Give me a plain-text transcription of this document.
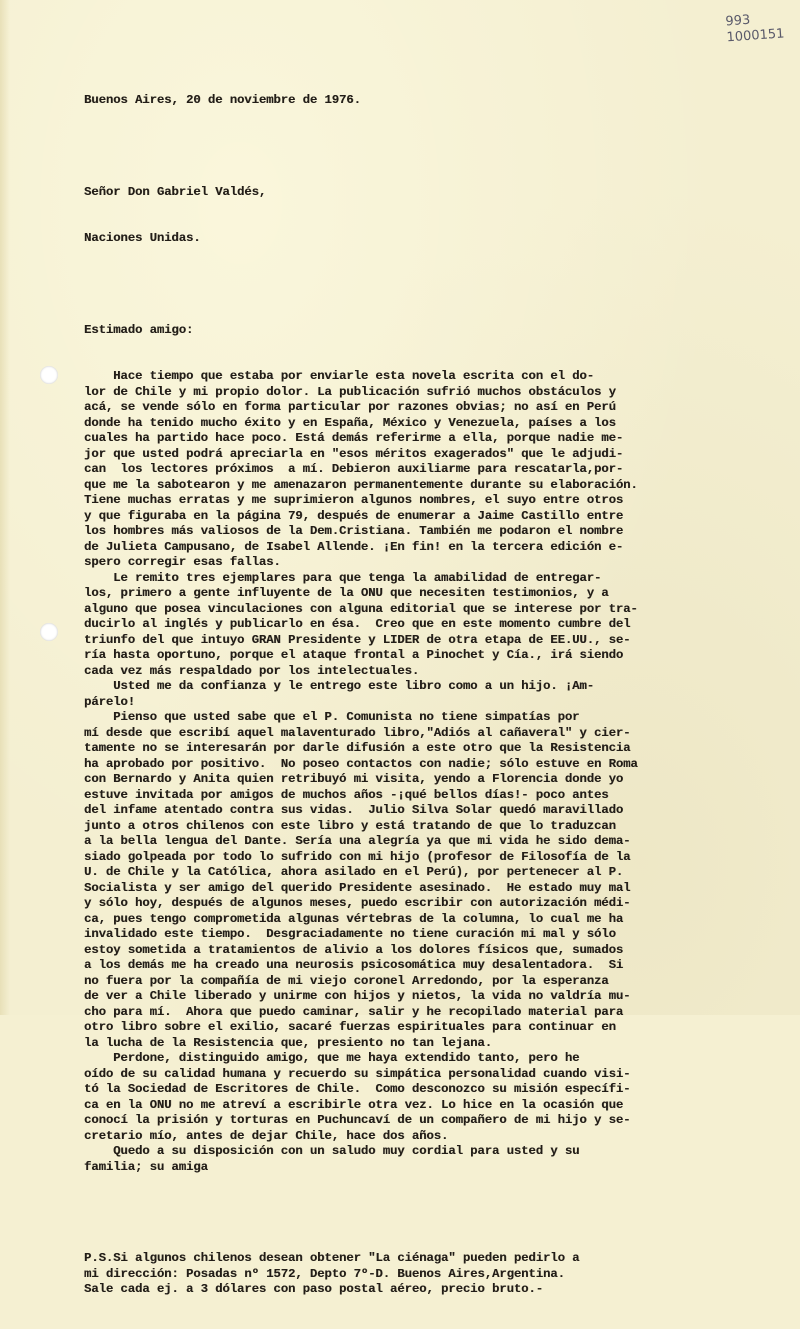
993
1000151

Buenos Aires, 20 de noviembre de 1976.

Señor Don Gabriel Valdés,

Naciones Unidas.

Estimado amigo:

Hace tiempo que estaba por enviarle esta novela escrita con el do-
lor de Chile y mi propio dolor. La publicación sufrió muchos obstáculos y
acá, se vende sólo en forma particular por razones obvias; no así en Perú
donde ha tenido mucho éxito y en España, México y Venezuela, países a los
cuales ha partido hace poco. Está demás referirme a ella, porque nadie me-
jor que usted podrá apreciarla en "esos méritos exagerados" que le adjudi-
can  los lectores próximos  a mí. Debieron auxiliarme para rescatarla,por-
que me la sabotearon y me amenazaron permanentemente durante su elaboración.
Tiene muchas erratas y me suprimieron algunos nombres, el suyo entre otros
y que figuraba en la página 79, después de enumerar a Jaime Castillo entre
los hombres más valiosos de la Dem.Cristiana. También me podaron el nombre
de Julieta Campusano, de Isabel Allende. ¡En fin! en la tercera edición e-
spero corregir esas fallas.
Le remito tres ejemplares para que tenga la amabilidad de entregar-
los, primero a gente influyente de la ONU que necesiten testimonios, y a
alguno que posea vinculaciones con alguna editorial que se interese por tra-
ducirlo al inglés y publicarlo en ésa.  Creo que en este momento cumbre del
triunfo del que intuyo GRAN Presidente y LIDER de otra etapa de EE.UU., se-
ría hasta oportuno, porque el ataque frontal a Pinochet y Cía., irá siendo
cada vez más respaldado por los intelectuales.
Usted me da confianza y le entrego este libro como a un hijo. ¡Am-
párelo!
Pienso que usted sabe que el P. Comunista no tiene simpatías por
mí desde que escribí aquel malaventurado libro,"Adiós al cañaveral" y cier-
tamente no se interesarán por darle difusión a este otro que la Resistencia
ha aprobado por positivo.  No poseo contactos con nadie; sólo estuve en Roma
con Bernardo y Anita quien retribuyó mi visita, yendo a Florencia donde yo
estuve invitada por amigos de muchos años -¡qué bellos días!- poco antes
del infame atentado contra sus vidas.  Julio Silva Solar quedó maravillado
junto a otros chilenos con este libro y está tratando de que lo traduzcan
a la bella lengua del Dante. Sería una alegría ya que mi vida he sido dema-
siado golpeada por todo lo sufrido con mi hijo (profesor de Filosofía de la
U. de Chile y la Católica, ahora asilado en el Perú), por pertenecer al P.
Socialista y ser amigo del querido Presidente asesinado.  He estado muy mal
y sólo hoy, después de algunos meses, puedo escribir con autorización médi-
ca, pues tengo comprometida algunas vértebras de la columna, lo cual me ha
invalidado este tiempo.  Desgraciadamente no tiene curación mi mal y sólo
estoy sometida a tratamientos de alivio a los dolores físicos que, sumados
a los demás me ha creado una neurosis psicosomática muy desalentadora.  Si
no fuera por la compañía de mi viejo coronel Arredondo, por la esperanza
de ver a Chile liberado y unirme con hijos y nietos, la vida no valdría mu-
cho para mí.  Ahora que puedo caminar, salir y he recopilado material para
otro libro sobre el exilio, sacaré fuerzas espirituales para continuar en
la lucha de la Resistencia que, presiento no tan lejana.
Perdone, distinguido amigo, que me haya extendido tanto, pero he
oído de su calidad humana y recuerdo su simpática personalidad cuando visi-
tó la Sociedad de Escritores de Chile.  Como desconozco su misión específi-
ca en la ONU no me atreví a escribirle otra vez. Lo hice en la ocasión que
conocí la prisión y torturas en Puchuncaví de un compañero de mi hijo y se-
cretario mío, antes de dejar Chile, hace dos años.
Quedo a su disposición con un saludo muy cordial para usted y su
familia; su amiga

P.S.Si algunos chilenos desean obtener "La ciénaga" pueden pedirlo a
mi dirección: Posadas nº 1572, Depto 7º-D. Buenos Aires,Argentina.
Sale cada ej. a 3 dólares con paso postal aéreo, precio bruto.-
